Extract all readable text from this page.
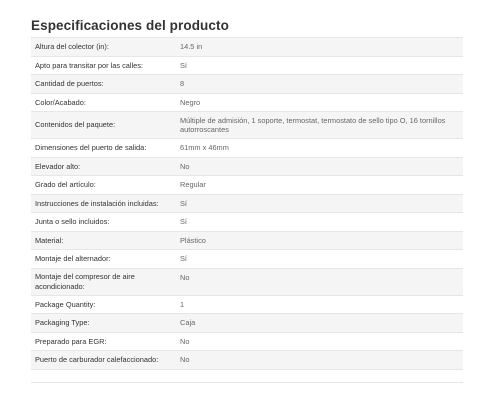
Especificaciones del producto
Altura del colector (in):	14.5 in
Apto para transitar por las calles:	Sí
Cantidad de puertos:	8
Color/Acabado:	Negro
Contenidos del paquete:	Múltiple de admisión, 1 soporte, termostat, termostato de sello tipo O, 16 tornillos autorroscantes
Dimensiones del puerto de salida:	61mm x 46mm
Elevador alto:	No
Grado del artículo:	Regular
Instrucciones de instalación incluidas:	Sí
Junta o sello incluidos:	Sí
Material:	Plástico
Montaje del alternador:	Sí
Montaje del compresor de aire acondicionado:	No
Package Quantity:	1
Packaging Type:	Caja
Preparado para EGR:	No
Puerto de carburador calefaccionado:	No
